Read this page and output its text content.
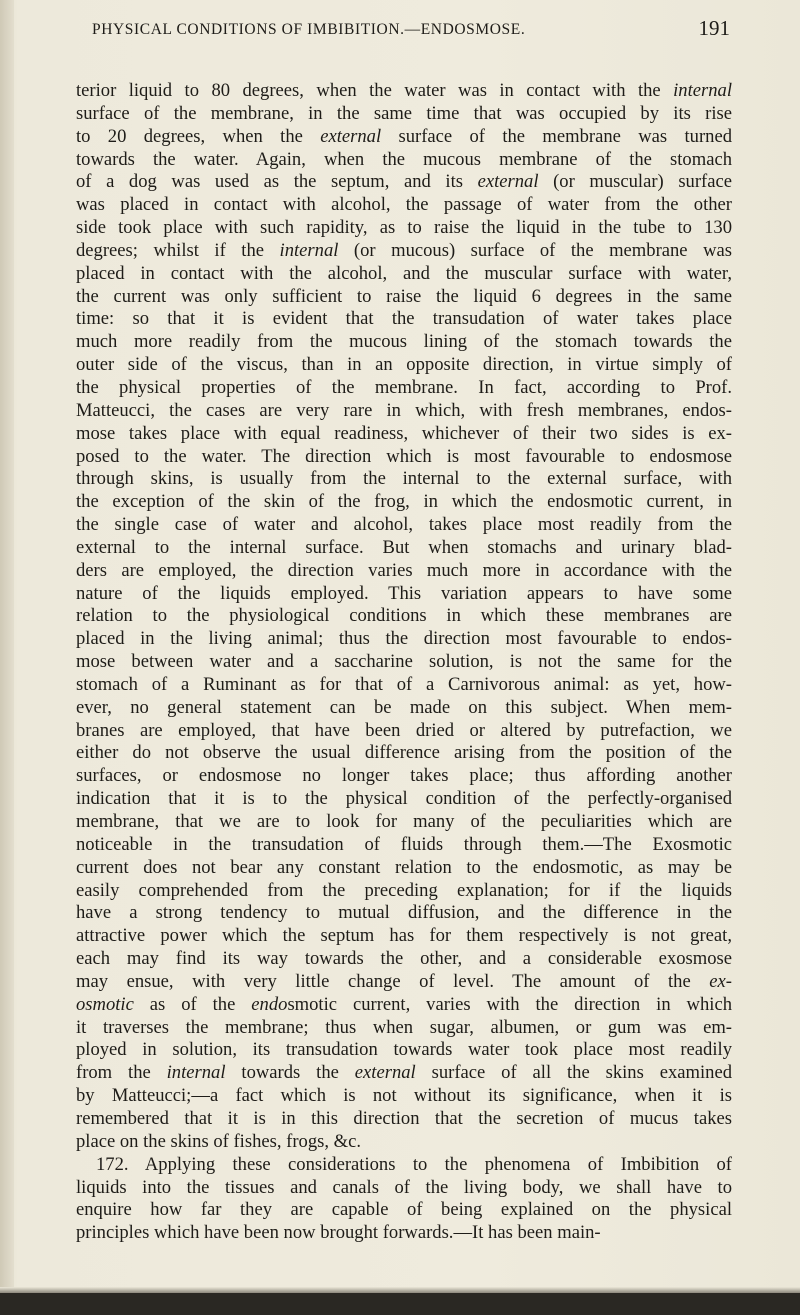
PHYSICAL CONDITIONS OF IMBIBITION.—ENDOSMOSE.	191
terior liquid to 80 degrees, when the water was in contact with the internal
surface of the membrane, in the same time that was occupied by its rise
to 20 degrees, when the external surface of the membrane was turned
towards the water. Again, when the mucous membrane of the stomach
of a dog was used as the septum, and its external (or muscular) surface
was placed in contact with alcohol, the passage of water from the other
side took place with such rapidity, as to raise the liquid in the tube to 130
degrees; whilst if the internal (or mucous) surface of the membrane was
placed in contact with the alcohol, and the muscular surface with water,
the current was only sufficient to raise the liquid 6 degrees in the same
time: so that it is evident that the transudation of water takes place
much more readily from the mucous lining of the stomach towards the
outer side of the viscus, than in an opposite direction, in virtue simply of
the physical properties of the membrane. In fact, according to Prof.
Matteucci, the cases are very rare in which, with fresh membranes, endos-
mose takes place with equal readiness, whichever of their two sides is ex-
posed to the water. The direction which is most favourable to endosmose
through skins, is usually from the internal to the external surface, with
the exception of the skin of the frog, in which the endosmotic current, in
the single case of water and alcohol, takes place most readily from the
external to the internal surface. But when stomachs and urinary blad-
ders are employed, the direction varies much more in accordance with the
nature of the liquids employed. This variation appears to have some
relation to the physiological conditions in which these membranes are
placed in the living animal; thus the direction most favourable to endos-
mose between water and a saccharine solution, is not the same for the
stomach of a Ruminant as for that of a Carnivorous animal: as yet, how-
ever, no general statement can be made on this subject. When mem-
branes are employed, that have been dried or altered by putrefaction, we
either do not observe the usual difference arising from the position of the
surfaces, or endosmose no longer takes place; thus affording another
indication that it is to the physical condition of the perfectly-organised
membrane, that we are to look for many of the peculiarities which are
noticeable in the transudation of fluids through them.—The Exosmotic
current does not bear any constant relation to the endosmotic, as may be
easily comprehended from the preceding explanation; for if the liquids
have a strong tendency to mutual diffusion, and the difference in the
attractive power which the septum has for them respectively is not great,
each may find its way towards the other, and a considerable exosmose
may ensue, with very little change of level. The amount of the ex-
osmotic as of the endosmotic current, varies with the direction in which
it traverses the membrane; thus when sugar, albumen, or gum was em-
ployed in solution, its transudation towards water took place most readily
from the internal towards the external surface of all the skins examined
by Matteucci;—a fact which is not without its significance, when it is
remembered that it is in this direction that the secretion of mucus takes
place on the skins of fishes, frogs, &c.
172. Applying these considerations to the phenomena of Imbibition of
liquids into the tissues and canals of the living body, we shall have to
enquire how far they are capable of being explained on the physical
principles which have been now brought forwards.—It has been main-
